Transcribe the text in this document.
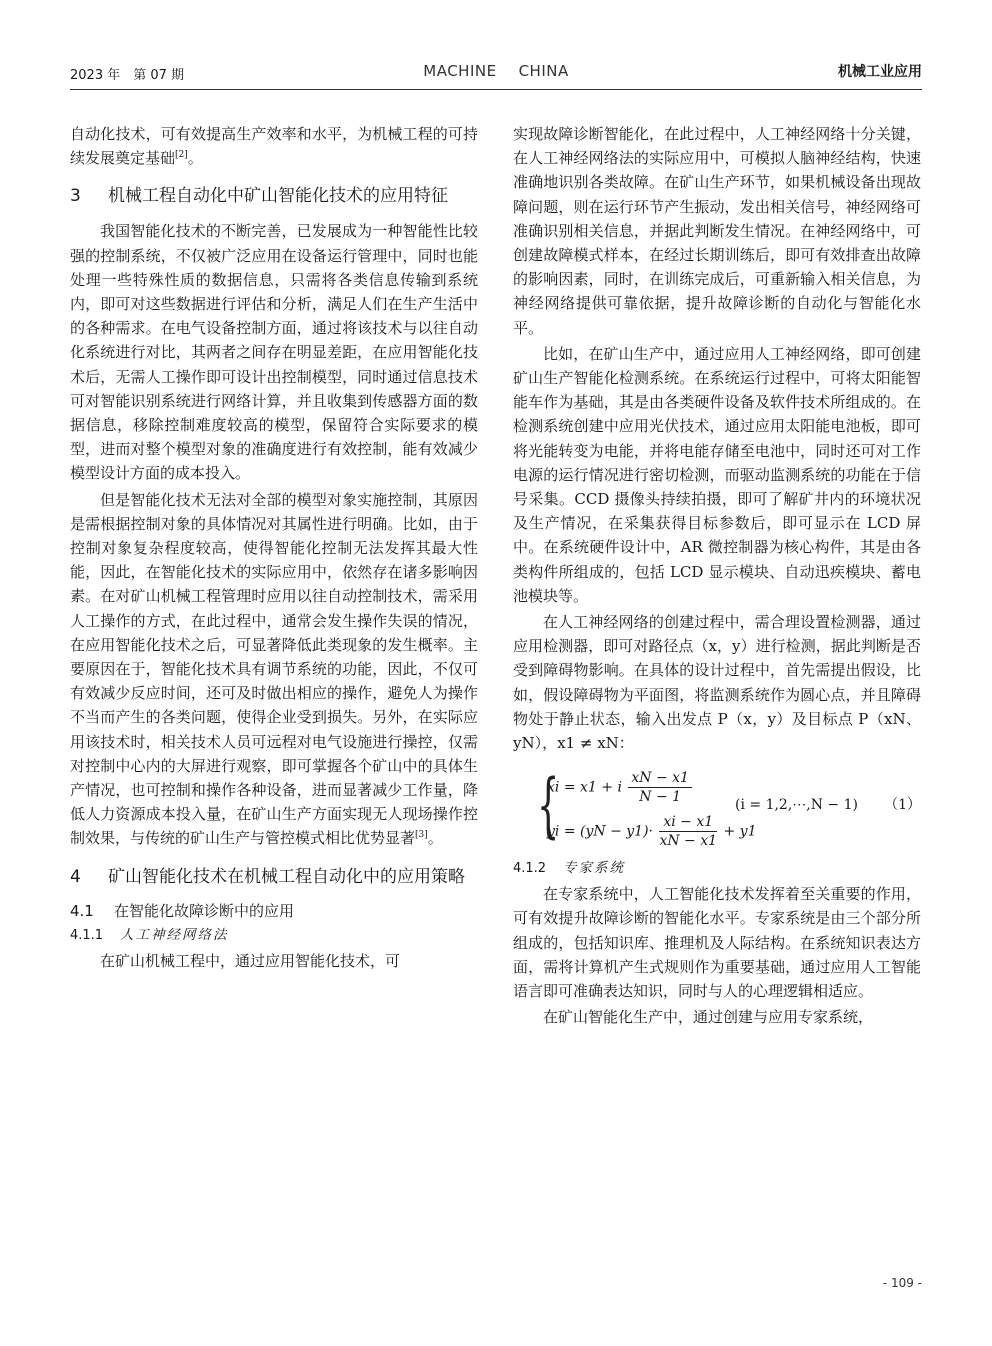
2023 年　第 07 期	MACHINE CHINA	机械工业应用

自动化技术，可有效提高生产效率和水平，为机械工程的可持续发展奠定基础[2]。

3 机械工程自动化中矿山智能化技术的应用特征

我国智能化技术的不断完善，已发展成为一种智能性比较强的控制系统，不仅被广泛应用在设备运行管理中，同时也能处理一些特殊性质的数据信息，只需将各类信息传输到系统内，即可对这些数据进行评估和分析，满足人们在生产生活中的各种需求。在电气设备控制方面，通过将该技术与以往自动化系统进行对比，其两者之间存在明显差距，在应用智能化技术后，无需人工操作即可设计出控制模型，同时通过信息技术可对智能识别系统进行网络计算，并且收集到传感器方面的数据信息，移除控制难度较高的模型，保留符合实际要求的模型，进而对整个模型对象的准确度进行有效控制，能有效减少模型设计方面的成本投入。

但是智能化技术无法对全部的模型对象实施控制，其原因是需根据控制对象的具体情况对其属性进行明确。比如，由于控制对象复杂程度较高，使得智能化控制无法发挥其最大性能，因此，在智能化技术的实际应用中，依然存在诸多影响因素。在对矿山机械工程管理时应用以往自动控制技术，需采用人工操作的方式，在此过程中，通常会发生操作失误的情况，在应用智能化技术之后，可显著降低此类现象的发生概率。主要原因在于，智能化技术具有调节系统的功能，因此，不仅可有效减少反应时间，还可及时做出相应的操作，避免人为操作不当而产生的各类问题，使得企业受到损失。另外，在实际应用该技术时，相关技术人员可远程对电气设施进行操控，仅需对控制中心内的大屏进行观察，即可掌握各个矿山中的具体生产情况，也可控制和操作各种设备，进而显著减少工作量，降低人力资源成本投入量，在矿山生产方面实现无人现场操作控制效果，与传统的矿山生产与管控模式相比优势显著[3]。

4 矿山智能化技术在机械工程自动化中的应用策略
4.1 在智能化故障诊断中的应用
4.1.1 人工神经网络法

在矿山机械工程中，通过应用智能化技术，可

实现故障诊断智能化，在此过程中，人工神经网络十分关键，在人工神经网络法的实际应用中，可模拟人脑神经结构，快速准确地识别各类故障。在矿山生产环节，如果机械设备出现故障问题，则在运行环节产生振动，发出相关信号，神经网络可准确识别相关信息，并据此判断发生情况。在神经网络中，可创建故障模式样本，在经过长期训练后，即可有效排查出故障的影响因素，同时，在训练完成后，可重新输入相关信息，为神经网络提供可靠依据，提升故障诊断的自动化与智能化水平。

比如，在矿山生产中，通过应用人工神经网络，即可创建矿山生产智能化检测系统。在系统运行过程中，可将太阳能智能车作为基础，其是由各类硬件设备及软件技术所组成的。在检测系统创建中应用光伏技术，通过应用太阳能电池板，即可将光能转变为电能，并将电能存储至电池中，同时还可对工作电源的运行情况进行密切检测，而驱动监测系统的功能在于信号采集。CCD 摄像头持续拍摄，即可了解矿井内的环境状况及生产情况，在采集获得目标参数后，即可显示在 LCD 屏中。在系统硬件设计中，AR 微控制器为核心构件，其是由各类构件所组成的，包括 LCD 显示模块、自动迅疾模块、蓄电池模块等。

在人工神经网络的创建过程中，需合理设置检测器，通过应用检测器，即可对路径点（x，y）进行检测，据此判断是否受到障碍物影响。在具体的设计过程中，首先需提出假设，比如，假设障碍物为平面图，将监测系统作为圆心点，并且障碍物处于静止状态，输入出发点 P（x，y）及目标点 P（xN、yN），x1 ≠ xN：

{
xi = x1 + i $\frac{xN - x1}{N - 1}$
yi = $(yN - y1)\cdot \frac{xi - x1}{xN - x1} + y1$
(i = 1,2,⋯,N − 1) （1）
4.1.2 专家系统

在专家系统中，人工智能化技术发挥着至关重要的作用，可有效提升故障诊断的智能化水平。专家系统是由三个部分所组成的，包括知识库、推理机及人际结构。在系统知识表达方面，需将计算机产生式规则作为重要基础，通过应用人工智能语言即可准确表达知识，同时与人的心理逻辑相适应。

在矿山智能化生产中，通过创建与应用专家系统，

- 109 -
